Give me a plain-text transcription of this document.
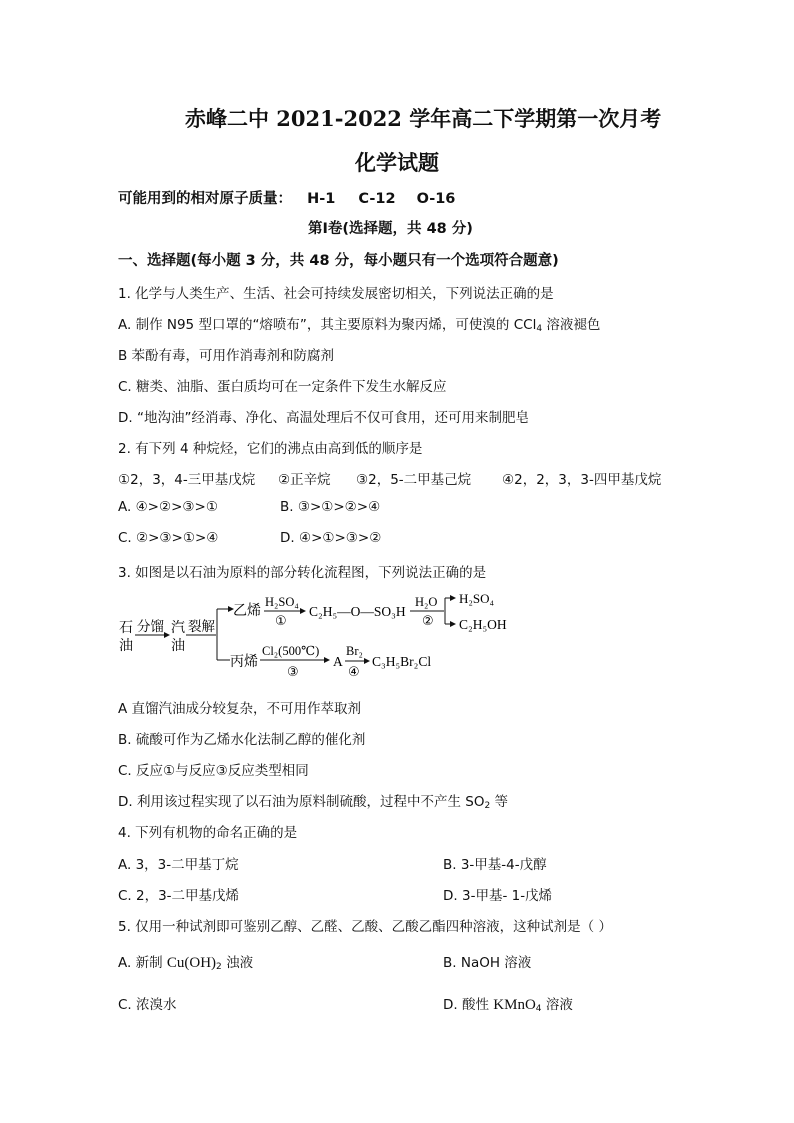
赤峰二中 2021-2022 学年高二下学期第一次月考
化学试题
可能用到的相对原子质量： H-1 C-12 O-16
第Ⅰ卷(选择题，共 48 分)
一、选择题(每小题 3 分，共 48 分，每小题只有一个选项符合题意)
1. 化学与人类生产、生活、社会可持续发展密切相关，下列说法正确的是
A. 制作 N95 型口罩的“熔喷布”，其主要原料为聚丙烯，可使溴的 CCl$_4$ 溶液褪色
B 苯酚有毒，可用作消毒剂和防腐剂
C. 糖类、油脂、蛋白质均可在一定条件下发生水解反应
D. “地沟油”经消毒、净化、高温处理后不仅可食用，还可用来制肥皂
2. 有下列 4 种烷烃，它们的沸点由高到低的顺序是
①2，3，4-三甲基戊烷 ②正辛烷 ③2，5-二甲基己烷 ④2，2，3，3-四甲基戊烷
A. ④>②>③>①	B. ③>①>②>④
C. ②>③>①>④	D. ④>①>③>②
3. 如图是以石油为原料的部分转化流程图，下列说法正确的是
石
油
分馏 汽
油
裂解
乙烯
H₂SO₄
①
C₂H₅—O—SO₃H
H₂O
②
H₂SO₄
C₂H₅OH
丙烯
Cl₂(500℃)
③
A
Br₂
④
C₃H₅Br₂Cl
A 直馏汽油成分较复杂，不可用作萃取剂
B. 硫酸可作为乙烯水化法制乙醇的催化剂
C. 反应①与反应③反应类型相同
D. 利用该过程实现了以石油为原料制硫酸，过程中不产生 $SO_2$ 等
4. 下列有机物的命名正确的是
A. 3，3-二甲基丁烷	B. 3-甲基-4-戊醇
C. 2，3-二甲基戊烯	D. 3-甲基- 1-戊烯
5. 仅用一种试剂即可鉴别乙醇、乙醛、乙酸、乙酸乙酯四种溶液，这种试剂是（ ）
A. 新制 $Cu(OH)_2$ 浊液	B. NaOH 溶液
C. 浓溴水	D. 酸性 KMnO$_4$ 溶液
